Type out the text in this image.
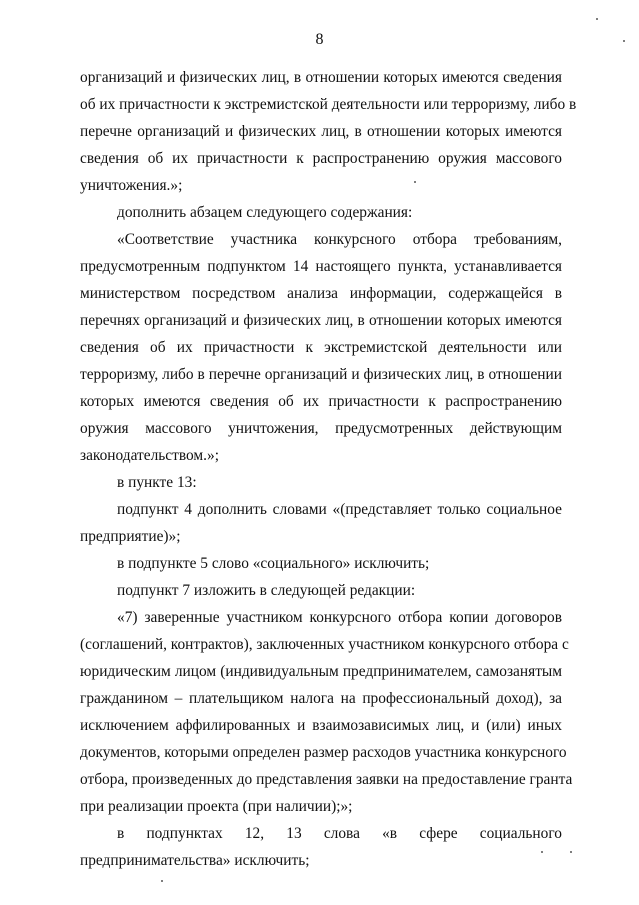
8
организаций и физических лиц, в отношении которых имеются сведения
об их причастности к экстремистской деятельности или терроризму, либо в
перечне организаций и физических лиц, в отношении которых имеются
сведения об их причастности к распространению оружия массового
уничтожения.»;
дополнить абзацем следующего содержания:
«Соответствие участника конкурсного отбора требованиям,
предусмотренным подпунктом 14 настоящего пункта, устанавливается
министерством посредством анализа информации, содержащейся в
перечнях организаций и физических лиц, в отношении которых имеются
сведения об их причастности к экстремистской деятельности или
терроризму, либо в перечне организаций и физических лиц, в отношении
которых имеются сведения об их причастности к распространению
оружия массового уничтожения, предусмотренных действующим
законодательством.»;
в пункте 13:
подпункт 4 дополнить словами «(представляет только социальное
предприятие)»;
в подпункте 5 слово «социального» исключить;
подпункт 7 изложить в следующей редакции:
«7) заверенные участником конкурсного отбора копии договоров
(соглашений, контрактов), заключенных участником конкурсного отбора с
юридическим лицом (индивидуальным предпринимателем, самозанятым
гражданином – плательщиком налога на профессиональный доход), за
исключением аффилированных и взаимозависимых лиц, и (или) иных
документов, которыми определен размер расходов участника конкурсного
отбора, произведенных до представления заявки на предоставление гранта
при реализации проекта (при наличии);»;
в подпунктах 12, 13 слова «в сфере социального
предпринимательства» исключить;
